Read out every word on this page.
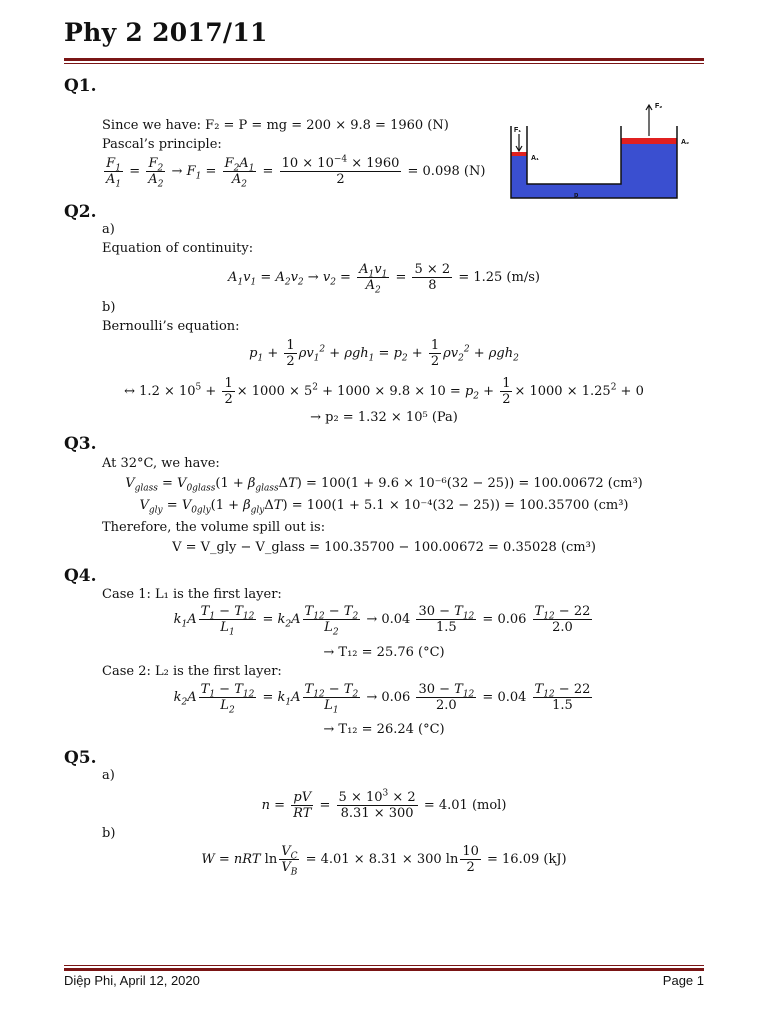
Phy 2 2017/11
Q1.
Since we have: F₂ = P = mg = 200 × 9.8 = 1960 (N)
Pascal’s principle:
$\frac{F_1}{A_1} = \frac{F_2}{A_2} \to F_1 = \frac{F_2A_1}{A_2} = \frac{10 \times 10^{-4} \times 1960}{2} = 0.098$ (N)
F₁
F₂
A₁
A₂
p
Q2.
a)
Equation of continuity:
$A_1v_1 = A_2v_2 \to v_2 = \frac{A_1v_1}{A_2} = \frac{5 \times 2}{8} = 1.25$ (m/s)
b)
Bernoulli’s equation:
$p_1 + \frac{1}{2} \rho v_1^2 + \rho gh_1 = p_2 + \frac{1}{2} \rho v_2^2 + \rho gh_2$
↔ $1.2 \times 10^5 + \frac{1}{2} \times 1000 \times 5^2 + 1000 \times 9.8 \times 10 = p_2 + \frac{1}{2} \times 1000 \times 1.25^2 + 0$
→ p₂ = 1.32 × 10⁵ (Pa)
Q3.
At 32°C, we have:
$V_{glass} = V_{0glass}(1 + \beta_{glass}\Delta T) = 100(1 + 9.6 \times 10^{-6}(32 - 25)) = 100.00672$ (cm³)
$V_{gly} = V_{0gly}(1 + \beta_{gly}\Delta T) = 100(1 + 5.1 \times 10^{-4}(32 - 25)) = 100.35700$ (cm³)
Therefore, the volume spill out is:
V = V_gly − V_glass = 100.35700 − 100.00672 = 0.35028 (cm³)
Q4.
Case 1: L₁ is the first layer:
$k_1A \frac{T_1 - T_{12}}{L_1} = k_2A \frac{T_{12} - T_2}{L_2} \to 0.04 \frac{30 - T_{12}}{1.5} = 0.06 \frac{T_{12} - 22}{2.0}$
→ T₁₂ = 25.76 (°C)
Case 2: L₂ is the first layer:
$k_2A \frac{T_1 - T_{12}}{L_2} = k_1A \frac{T_{12} - T_2}{L_1} \to 0.06 \frac{30 - T_{12}}{2.0} = 0.04 \frac{T_{12} - 22}{1.5}$
→ T₁₂ = 26.24 (°C)
Q5.
a)
$n = \frac{pV}{RT} = \frac{5 \times 10^3 \times 2}{8.31 \times 300} = 4.01$ (mol)
b)
W = nRT $\ln \frac{V_C}{V_B} = 4.01 \times 8.31 \times 300$ $\ln \frac{10}{2} = 16.09$ (kJ)
Diệp Phi, April 12, 2020	Page 1
